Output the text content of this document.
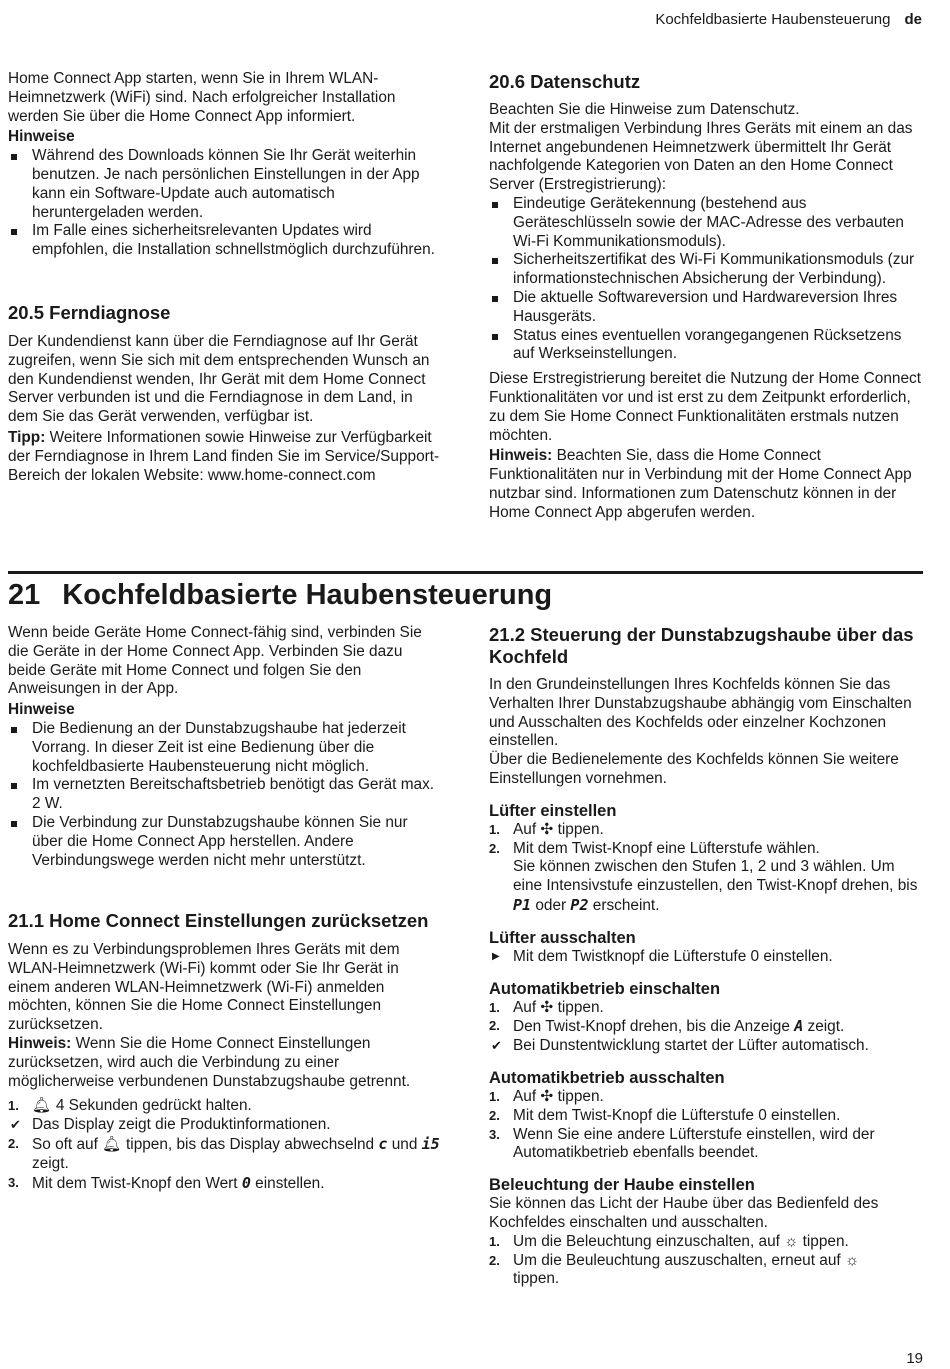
Kochfeldbasierte Haubensteuerung de

Home Connect App starten, wenn Sie in Ihrem WLAN-Heimnetzwerk (WiFi) sind. Nach erfolgreicher Installation werden Sie über die Home Connect App informiert.

Hinweise

Während des Downloads können Sie Ihr Gerät weiterhin benutzen. Je nach persönlichen Einstellungen in der App kann ein Software-Update auch automatisch heruntergeladen werden.
Im Falle eines sicherheitsrelevanten Updates wird empfohlen, die Installation schnellstmöglich durchzuführen.

20.5 Ferndiagnose

Der Kundendienst kann über die Ferndiagnose auf Ihr Gerät zugreifen, wenn Sie sich mit dem entsprechenden Wunsch an den Kundendienst wenden, Ihr Gerät mit dem Home Connect Server verbunden ist und die Ferndiagnose in dem Land, in dem Sie das Gerät verwenden, verfügbar ist.

Tipp: Weitere Informationen sowie Hinweise zur Verfügbarkeit der Ferndiagnose in Ihrem Land finden Sie im Service/Support-Bereich der lokalen Website: www.home-connect.com

20.6 Datenschutz

Beachten Sie die Hinweise zum Datenschutz.

Mit der erstmaligen Verbindung Ihres Geräts mit einem an das Internet angebundenen Heimnetzwerk übermittelt Ihr Gerät nachfolgende Kategorien von Daten an den Home Connect Server (Erstregistrierung):

Eindeutige Gerätekennung (bestehend aus Geräteschlüsseln sowie der MAC-Adresse des verbauten Wi-Fi Kommunikationsmoduls).
Sicherheitszertifikat des Wi-Fi Kommunikationsmoduls (zur informationstechnischen Absicherung der Verbindung).
Die aktuelle Softwareversion und Hardwareversion Ihres Hausgeräts.
Status eines eventuellen vorangegangenen Rücksetzens auf Werkseinstellungen.

Diese Erstregistrierung bereitet die Nutzung der Home Connect Funktionalitäten vor und ist erst zu dem Zeitpunkt erforderlich, zu dem Sie Home Connect Funktionalitäten erstmals nutzen möchten.

Hinweis: Beachten Sie, dass die Home Connect Funktionalitäten nur in Verbindung mit der Home Connect App nutzbar sind. Informationen zum Datenschutz können in der Home Connect App abgerufen werden.

21 Kochfeldbasierte Haubensteuerung

Wenn beide Geräte Home Connect-fähig sind, verbinden Sie die Geräte in der Home Connect App. Verbinden Sie dazu beide Geräte mit Home Connect und folgen Sie den Anweisungen in der App.

Hinweise

Die Bedienung an der Dunstabzugshaube hat jederzeit Vorrang. In dieser Zeit ist eine Bedienung über die kochfeldbasierte Haubensteuerung nicht möglich.
Im vernetzten Bereitschaftsbetrieb benötigt das Gerät max. 2 W.
Die Verbindung zur Dunstabzugshaube können Sie nur über die Home Connect App herstellen. Andere Verbindungswege werden nicht mehr unterstützt.

21.1 Home Connect Einstellungen zurücksetzen

Wenn es zu Verbindungsproblemen Ihres Geräts mit dem WLAN-Heimnetzwerk (Wi-Fi) kommt oder Sie Ihr Gerät in einem anderen WLAN-Heimnetzwerk (Wi-Fi) anmelden möchten, können Sie die Home Connect Einstellungen zurücksetzen.

Hinweis: Wenn Sie die Home Connect Einstellungen zurücksetzen, wird auch die Verbindung zu einer möglicherweise verbundenen Dunstabzugshaube getrennt.

1. 🔔︎ 4 Sekunden gedrückt halten.
✔ Das Display zeigt die Produktinformationen.
2. So oft auf 🔔︎ tippen, bis das Display abwechselnd c und i5 zeigt.
3. Mit dem Twist-Knopf den Wert 0 einstellen.

21.2 Steuerung der Dunstabzugshaube über das Kochfeld

In den Grundeinstellungen Ihres Kochfelds können Sie das Verhalten Ihrer Dunstabzugshaube abhängig vom Einschalten und Ausschalten des Kochfelds oder einzelner Kochzonen einstellen.

Über die Bedienelemente des Kochfelds können Sie weitere Einstellungen vornehmen.

Lüfter einstellen

1. Auf ✣ tippen.
2. Mit dem Twist-Knopf eine Lüfterstufe wählen.
Sie können zwischen den Stufen 1, 2 und 3 wählen. Um eine Intensivstufe einzustellen, den Twist-Knopf drehen, bis P1 oder P2 erscheint.

Lüfter ausschalten

▶ Mit dem Twistknopf die Lüfterstufe 0 einstellen.

Automatikbetrieb einschalten

1. Auf ✣ tippen.
2. Den Twist-Knopf drehen, bis die Anzeige A zeigt.
✔ Bei Dunstentwicklung startet der Lüfter automatisch.

Automatikbetrieb ausschalten

1. Auf ✣ tippen.
2. Mit dem Twist-Knopf die Lüfterstufe 0 einstellen.
3. Wenn Sie eine andere Lüfterstufe einstellen, wird der Automatikbetrieb ebenfalls beendet.

Beleuchtung der Haube einstellen

Sie können das Licht der Haube über das Bedienfeld des Kochfeldes einschalten und ausschalten.

1. Um die Beleuchtung einzuschalten, auf ☼ tippen.
2. Um die Beuleuchtung auszuschalten, erneut auf ☼
tippen.
19
